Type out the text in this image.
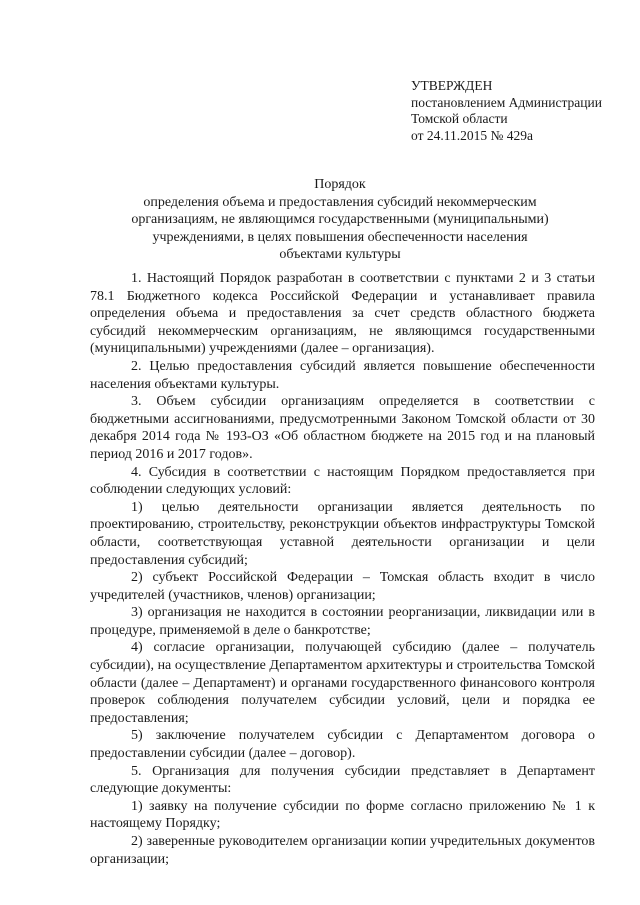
УТВЕРЖДЕН
постановлением Администрации
Томской области
от 24.11.2015 № 429а
Порядок
определения объема и предоставления субсидий некоммерческим
организациям, не являющимся государственными (муниципальными)
учреждениями, в целях повышения обеспеченности населения
объектами культуры

1. Настоящий Порядок разработан в соответствии с пунктами 2 и 3 статьи 78.1 Бюджетного кодекса Российской Федерации и устанавливает правила определения объема и предоставления за счет средств областного бюджета субсидий некоммерческим организациям, не являющимся государственными (муниципальными) учреждениями (далее – организация).

2. Целью предоставления субсидий является повышение обеспеченности населения объектами культуры.

3. Объем субсидии организациям определяется в соответствии с бюджетными ассигнованиями, предусмотренными Законом Томской области от 30 декабря 2014 года № 193-ОЗ «Об областном бюджете на 2015 год и на плановый период 2016 и 2017 годов».

4. Субсидия в соответствии с настоящим Порядком предоставляется при соблюдении следующих условий:

1) целью деятельности организации является деятельность по проектированию, строительству, реконструкции объектов инфраструктуры Томской области, соответствующая уставной деятельности организации и цели предоставления субсидий;

2) субъект Российской Федерации – Томская область входит в число учредителей (участников, членов) организации;

3) организация не находится в состоянии реорганизации, ликвидации или в процедуре, применяемой в деле о банкротстве;

4) согласие организации, получающей субсидию (далее – получатель субсидии), на осуществление Департаментом архитектуры и строительства Томской области (далее – Департамент) и органами государственного финансового контроля проверок соблюдения получателем субсидии условий, цели и порядка ее предоставления;

5) заключение получателем субсидии с Департаментом договора о предоставлении субсидии (далее – договор).

5. Организация для получения субсидии представляет в Департамент следующие документы:

1) заявку на получение субсидии по форме согласно приложению № 1 к настоящему Порядку;

2) заверенные руководителем организации копии учредительных документов организации;
